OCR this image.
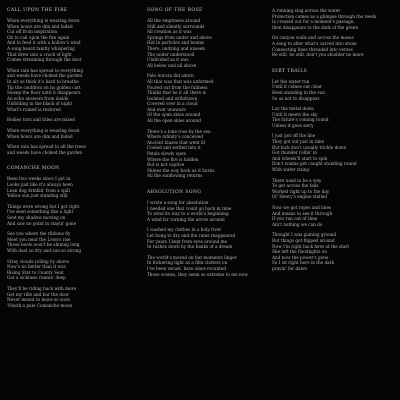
CALL UPON THE FIRE
When everything is wearing down
When hours are dim and faded
Cut off from inspiration
Oh to call upon the fire again
And to feed it with a hollow's wind
A song heard faintly whispering
That drew into a crack of light
Comes streaming through the door
When rain has spread to everything
and weeds have choked the garden
In air so thick it's hard to breathe
Tip the cauldron on its golden cart
Sweep the floor until it disappears
An echo answers from inside
Unfolding in the black of night
What's ruined is restored
Bodies turn and tides are mixed
When everything is wearing down
When hours are dim and faded
When rain has spread to all the trees
and weeds have choked the garden
COMANCHE MOON
Been two weeks since I got in
Looks just like it's always been
Lean dog drinkin' from a spill
Yellow sun just standing still
Things were wrong but I got right
I've seen something like a light
Sent my shadow moving on
And saw no point in stayin' gone
See you where the ribbons fly
Meet you near the Loon's rise
Those boots won't be shining long
With dust so dry and sun so strong
Stray clouds rolling by above
Now's no better than it was
Rising Star to County Seat
Got a sickness runnin' deep
They'll be riding back with more
Get my rifle and bar the door
Never meant to leave so soon
'Neath a pale Comanche moon
SONG OF THE ROSE
All the emptiness around
Still and silently surrounds
All creation as it was
Springs from under and above
Hid in particles and beams
There, undying and unseen
The under understood
Undivided as it was
All below and all above
Pale Aurora did adorn
All that was that was unformed
Poured out from the fullness
Thinks that be it all there is
Isolated and withdrawn
Covered over in a cloud
And ever unaware
Of the open skies around
All the open skies around
There's a lone rose by the sea
Where infinity's conceived
Ancient blazes that went lit
Cooled and settled into it
Petals slowly open
Where the fire is hidden
But is not captive
Shines the way back as it burns
All the sunflowing returns
ABSOLUTION SONG
I wrote a song for absolution
I needed one that could go back in time
To wind its way to a world's beginning
A wind for turning the arrow around
I washed my clothes in a holy river
Let hung to dry and the rains reappeared
For years I kept from eyes around me
In rushes down by the banks of a dream
The world's moved on but moments linger
In flickering light as a film clatters on
I've been recast, have since recanted
Those scenes, they seem so extreme to me now
A running stag across the water
Protection comes as a glimpse through the reeds
Is crossed out for a moment's passage,
then disappears to the dark of the green
On canyon walls and across the mesas
A song to alter what's carved into stone
Connecting lines threaded into verses
Be still, be still, don't you shudder no more
DIRT TRAILS
Let the water run
Until it comes out clear
Been standing in the sun
So as not to disappear
Lay the metal down
Until it meets the sky
The future's coming round
Unless it goes awry
I just got off the line
They got out just in time
But luck don't usually trickle down
Got thunder rollin' in
And wheels'll start to spin
Don't wanna get caught standing round
With water rising
There used to be a way
To get across the falls
Worked right up to the day
Ol' Henry's engine stalled
Now we got ropes and lines
And means to see it through
If you run out of time
Ain't nothing we can do
Thought I was gaining ground
But things got flipped around
Now I'm right back here at the start
She left the floodlights on
And now the power's gone
So I sit right here in the dark
prayin' for dawn
